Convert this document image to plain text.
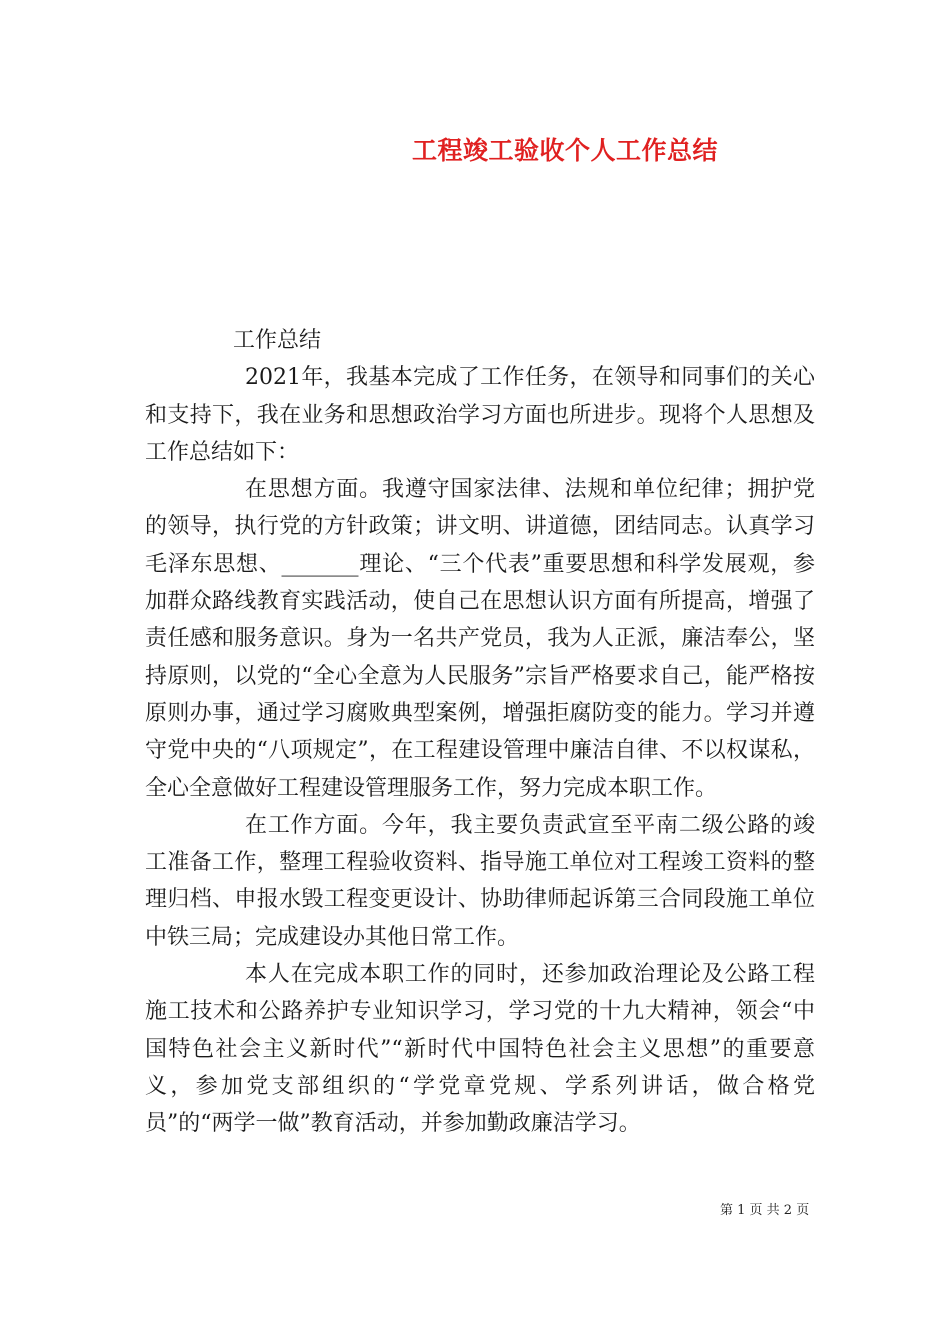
工程竣工验收个人工作总结

工作总结

2021年，我基本完成了工作任务，在领导和同事们的关心和支持下，我在业务和思想政治学习方面也所进步。现将个人思想及工作总结如下：

在思想方面。我遵守国家法律、法规和单位纪律；拥护党的领导，执行党的方针政策；讲文明、讲道德，团结同志。认真学习毛泽东思想、_______理论、“三个代表”重要思想和科学发展观，参加群众路线教育实践活动，使自己在思想认识方面有所提高，增强了责任感和服务意识。身为一名共产党员，我为人正派，廉洁奉公，坚持原则，以党的“全心全意为人民服务”宗旨严格要求自己，能严格按原则办事，通过学习腐败典型案例，增强拒腐防变的能力。学习并遵守党中央的“八项规定”，在工程建设管理中廉洁自律、不以权谋私，全心全意做好工程建设管理服务工作，努力完成本职工作。

在工作方面。今年，我主要负责武宣至平南二级公路的竣工准备工作，整理工程验收资料、指导施工单位对工程竣工资料的整理归档、申报水毁工程变更设计、协助律师起诉第三合同段施工单位中铁三局；完成建设办其他日常工作。

本人在完成本职工作的同时，还参加政治理论及公路工程施工技术和公路养护专业知识学习，学习党的十九大精神，领会“中国特色社会主义新时代”“新时代中国特色社会主义思想”的重要意义，参加党支部组织的“学党章党规、学系列讲话，做合格党员”的“两学一做”教育活动，并参加勤政廉洁学习。

第 1 页 共 2 页
